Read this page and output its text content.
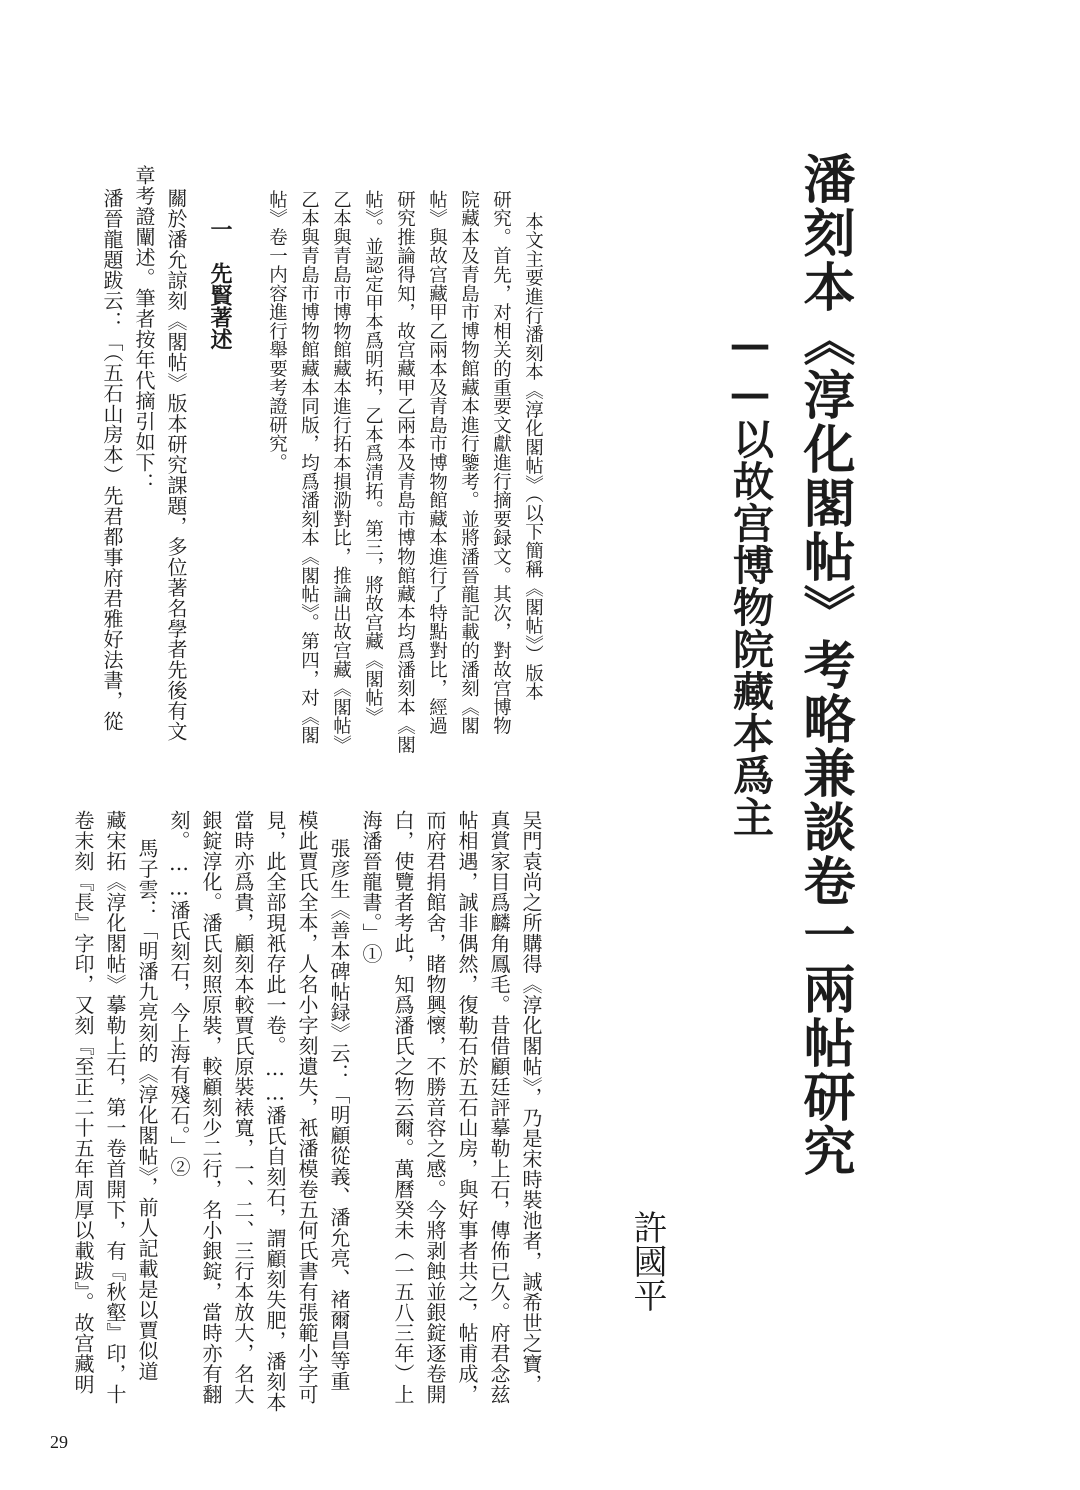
潘刻本《淳化閣帖》考略兼談卷一兩帖研究
——以故宫博物院藏本爲主
許國平

本文主要進行潘刻本《淳化閣帖》（以下簡稱《閣帖》）版本

研究。首先，对相关的重要文獻進行摘要録文。其次，對故宫博物

院藏本及青島市博物館藏本進行鑒考。並將潘晉龍記載的潘刻《閣

帖》與故宫藏甲乙兩本及青島市博物館藏本進行了特點對比，經過

研究推論得知，故宫藏甲乙兩本及青島市博物館藏本均爲潘刻本《閣

帖》。並認定甲本爲明拓，乙本爲清拓。第三，將故宫藏《閣帖》

乙本與青島市博物館藏本進行拓本損泐對比，推論出故宫藏《閣帖》

乙本與青島市博物館藏本同版，均爲潘刻本《閣帖》。第四，对《閣

帖》卷一内容進行舉要考證研究。

一　先賢著述

關於潘允諒刻《閣帖》版本研究課題，多位著名學者先後有文

章考證闡述。筆者按年代摘引如下：

潘晉龍題跋云：「（五石山房本）先君都事府君雅好法書，從

吴門袁尚之所購得《淳化閣帖》，乃是宋時裝池者，誠希世之寶，

真賞家目爲麟角鳳毛。昔借顧廷評摹勒上石，傳佈已久。府君念兹

帖相遇，誠非偶然，復勒石於五石山房，與好事者共之，帖甫成，

而府君捐館舍，睹物興懷，不勝音容之感。今將剥蝕並銀錠逐卷開

白，使覽者考此，知爲潘氏之物云爾。萬曆癸未（一五八三年）上

海潘晉龍書。」①

張彦生《善本碑帖録》云：「明顧從義、潘允亮、褚爾昌等重

模此賈氏全本，人名小字刻遺失，衹潘模卷五何氏書有張範小字可

見，此全部現衹存此一卷。……潘氏自刻石，謂顧刻失肥，潘刻本

當時亦爲貴，顧刻本較賈氏原裝裱寬，一、二、三行本放大，名大

銀錠淳化。潘氏刻照原裝，較顧刻少二行，名小銀錠，當時亦有翻

刻。……潘氏刻石，今上海有殘石。」②

馬子雲：「明潘九亮刻的《淳化閣帖》，前人記載是以賈似道

藏宋拓《淳化閣帖》摹勒上石，第一卷首開下，有『秋壑』印，十

卷末刻『長』字印，又刻『至正二十五年周厚以載跋』。故宫藏明

29
